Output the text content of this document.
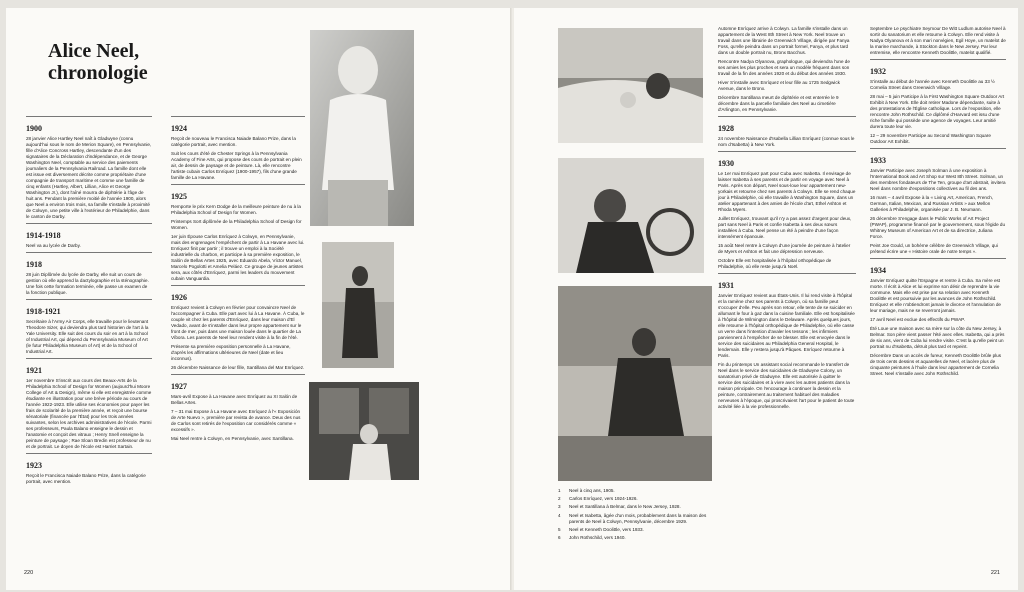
Alice Neel,
chronologie
1900

28 janvier Alice Hartley Neel naît à Gladwyne (connu aujourd'hui sous le nom de Merion Square), en Pennsylvanie, fille d'Alice Concross Hartley, descendante d'un des signataires de la Déclaration d'indépendance, et de George Washington Neel, comptable au service des paiements journaliers de la Pennsylvania Railroad. La famille dont elle est issue est diversement décrite comme propriétaire d'une compagnie de transport maritime et comme une famille de cinq enfants (Hartley, Albert, Lillian, Alice et George Washington Jr.), dont l'aîné mourra de diphtérie à l'âge de huit ans. Pendant la première moitié de l'année 1900, alors que Neel a environ trois mois, sa famille s'installe à proximité de Colwyn, une petite ville à l'extérieur de Philadelphie, dans le canton de Darby.

1914-1918

Neel va au lycée de Darby.

1918

28 juin Diplômée du lycée de Darby, elle suit un cours de gestion où elle apprend la dactylographie et la sténographie. Une fois cette formation terminée, elle passe un examen de la fonction publique.

1918-1921

Secrétaire à l'Army Air Corps, elle travaille pour le lieutenant Theodore Sizer, qui deviendra plus tard historien de l'art à la Yale University. Elle suit des cours du soir en art à la School of Industrial Art, qui dépend du Pennsylvania Museum of Art (le futur Philadelphia Museum of Art) et de la School of Industrial Art.

1921

1er novembre S'inscrit aux cours des Beaux-Arts de la Philadelphia School of Design for Women (aujourd'hui Moore College of Art & Design), même si elle est enregistrée comme étudiante en illustration pour une brève période au cours de l'année 1922-1923. Elle utilise ses économies pour payer les frais de scolarité de la première année, et reçoit une bourse sénatoriale (financée par l'État) pour les trois années suivantes, selon les archives administratives de l'école. Parmi ses professeurs, Paula Balano enseigne le dessin et l'anatomie et conçoit des vitraux ; Henry Snell enseigne la peinture de paysage ; Rae Sloan Bredin est professeur de nu et de portrait. Le doyen de l'école est Harriet Sartain.

1923

Reçoit le Francisca Naiade Balano Prize, dans la catégorie portrait, avec mention.

1924

Reçoit de nouveau le Francisca Naiade Balano Prize, dans la catégorie portrait, avec mention.

Suit les cours d'été de Chester Springs à la Pennsylvania Academy of Fine Arts, qui propose des cours de portrait en plein air, de dessin de paysage et de peinture. Là, elle rencontre l'artiste cubain Carlos Enríquez (1900-1957), fils d'une grande famille de La Havane.

1925

Remporte le prix Kern Dodge de la meilleure peinture de nu à la Philadelphia School of Design for Women.

Printemps Sort diplômée de la Philadelphia School of Design for Women.

1er juin Épouse Carlos Enríquez à Colwyn, en Pennsylvanie, mais des engrenages l'empêchent de partir à La Havane avec lui. Enríquez finit par partir ; il trouve un emploi à la Société industrielle du charbon, et participe à sa première exposition, le Salón de Bellas Artes 1925, avec Eduardo Abela, Víctor Manuel, Marcelo Pogolotti et Amelia Peláez. Ce groupe de jeunes artistes sera, aux côtés d'Enríquez, parmi les leaders du mouvement cubain Vanguardia.

1926

Enríquez revient à Colwyn en février pour convaincre Neel de l'accompagner à Cuba. Elle part avec lui à La Havane. À Cuba, le couple vit chez les parents d'Enríquez, dans leur maison d'El Vedado, avant de s'installer dans leur propre appartement sur le front de mer, puis dans une maison louée dans le quartier de La Víbora. Les parents de Neel leur rendent visite à la fin de l'été.

Présente sa première exposition personnelle à La Havane, d'après les affirmations ultérieures de Neel (date et lieu inconnus).

26 décembre Naissance de leur fille, Santillana del Mar Enríquez.

1927

Mars-avril Expose à La Havane avec Enríquez au XI Salón de Bellas Artes.

7 – 31 mai Expose à La Havane avec Enríquez à l'« Exposición de Arte Nuevo », première par revista de avance. Deux des nus de Carlos sont retirés de l'exposition car considérés comme « excessifs ».

Mai Neel rentre à Colwyn, en Pennsylvanie, avec Santillana.

220
1	Neel à cinq ans, 1905.
2	Carlos Enríquez, vers 1924-1926.
3	Neel et Santillana à Belmar, dans le New Jersey, 1928.
4	Neel et Isabetta, âgée d'un mois, probablement dans la maison des parents de Neel à Colwyn, Pennsylvanie, décembre 1929.
5	Neel et Kenneth Doolittle, vers 1933.
6	John Rothschild, vers 1940.

Automne Enríquez arrive à Colwyn. La famille s'installe dans un appartement de la West 8th Street à New York. Neel trouve un travail dans une librairie de Greenwich Village, dirigée par Fanya Foss, qu'elle peindra dans un portrait formel, Fanya, et plus tard dans un double portrait nu, Bronx Bacchus.

Rencontre Nadya Olyanova, graphologue, qui deviendra l'une de ses amies les plus proches et sera un modèle fréquent dans son travail de la fin des années 1920 et du début des années 1930.

Hiver S'installe avec Enríquez et leur fille au 1725 Sedgwick Avenue, dans le Bronx.

Décembre Santillana meurt de diphtérie et est enterrée le 9 décembre dans la parcelle familiale des Neel au cimetière d'Arlington, en Pennsylvanie.

1928

24 novembre Naissance d'Isabella Lillian Enríquez (connue sous le nom d'Isabetta) à New York.

1930

Le 1er mai Enríquez part pour Cuba avec Isabetta. Il envisage de laisser Isabetta à ses parents et de partir en voyage avec Neel à Paris. Après son départ, Neel sous-loue leur appartement new-yorkais et retourne chez ses parents à Colwyn. Elle se rend chaque jour à Philadelphie, où elle travaille à Washington Square, dans un atelier appartenant à des amies de l'école d'art, Ethel Ashton et Rhoda Myers.

Juillet Enríquez, trouvant qu'il n'y a pas assez d'argent pour deux, part sans Neel à Paris et confie Isabetta à ses deux sœurs installées à Cuba. Neel pense un été à peindre d'une façon intensément épanouie.

15 août Neel rentre à Colwyn d'une journée de peinture à l'atelier de Myers et Ashton et fait une dépression nerveuse.

Octobre Elle est hospitalisée à l'hôpital orthopédique de Philadelphie, où elle reste jusqu'à Noël.

1931

Janvier Enríquez revient aux États-Unis. Il lui rend visite à l'hôpital et la ramène chez ses parents à Colwyn, où sa famille peut s'occuper d'elle. Peu après son retour, elle tente de se suicider en allumant le four à gaz dans la cuisine familiale. Elle est hospitalisée à l'hôpital de Wilmington dans le Delaware. Après quelques jours, elle retourne à l'hôpital orthopédique de Philadelphie, où elle casse un verre dans l'intention d'avaler les tessons ; les infirmiers parviennent à l'empêcher de se blesser. Elle est envoyée dans le service des suicidaires au Philadelphia General Hospital, le lendemain. Elle y restera jusqu'à Pâques. Enríquez retourne à Paris.

Fin du printemps Un assistant social recommande le transfert de Neel dans le service des suicidaires de Gladwyne Colony, un sanatorium privé de Gladwyne. Elle est autorisée à quitter le service des suicidaires et à vivre avec les autres patients dans la maison principale. On l'encourage à continuer la dessin et la peinture, contrairement au traitement habituel des maladies nerveuses à l'époque, qui proscrivaient l'art pour le patient de toute activité liée à la vie professionnelle.

Septembre Le psychiatre Seymour De Witt Ludlum autorise Neel à sortir du sanatorium et elle retourne à Colwyn. Elle rend visite à Nadya Olyanova et à son mari norvégien, Egil Hoye, un matelot de la marine marchande, à Stockton dans le New Jersey. Par leur entremise, elle rencontre Kenneth Doolittle, matelot qualifié.

1932

S'installe au début de l'année avec Kenneth Doolittle au 33 ½ Cornelia Street dans Greenwich Village.

28 mai – 5 juin Participe à la First Washington Square Outdoor Art Exhibit à New York. Elle doit retirer Madone dépendante, suite à des protestations de l'Église catholique. Lors de l'exposition, elle rencontre John Rothschild. Ce diplômé d'Harvard est issu d'une riche famille qui possède une agence de voyages. Leur amitié durera toute leur vie.

12 – 29 novembre Participe au Second Washington Square Outdoor Art Exhibit.

1933

Janvier Participe avec Joseph Solman à une exposition à l'International Book and Art Shop sur West 8th Street. Solman, un des membres fondateurs de The Ten, groupe d'art abstrait, invitera Neel dans nombre d'expositions collectives au fil des ans.

16 mars – 4 avril Expose à la « Living Art, American, French, German, Italian, Mexican, and Russian Artists » aux Mellon Galleries à Philadelphie, organisée par J. B. Neumann.

26 décembre S'engage dans le Public Works of Art Project (PWAP), programme financé par le gouvernement, sous l'égide du Whitney Museum of American Art et de sa directrice, Juliana Force.

Peint Joe Gould, un bohème célèbre de Greenwich Village, qui prétend écrire une « Histoire orale de notre temps ».

1934

Janvier Enríquez quitte l'Espagne et rentre à Cuba. Sa mère est morte. Il écrit à Alice et lui exprime son désir de reprendre la vie commune. Mais elle est prise par sa relation avec Kenneth Doolittle et est poursuivie par les avances de John Rothschild. Enríquez et elle n'obtiendront jamais le divorce et l'annulation de leur mariage, mais ne se reverront jamais.

17 avril Neel est exclue des effectifs du PWAP.

Été Loue une maison avec sa mère sur la côte du New Jersey, à Belmar. Son père vient passer l'été avec elles. Isabetta, qui a près de six ans, vient de Cuba lui rendre visite. C'est la qu'elle peint un portrait nu d'Isabetta, détruit plus tard et repeint.

Décembre Dans un accès de fureur, Kenneth Doolittle brûle plus de trois cents dessins et aquarelles de Neel, et lacère plus de cinquante peintures à l'huile dans leur appartement de Cornelia Street. Neel s'installe avec John Rothschild.

221
